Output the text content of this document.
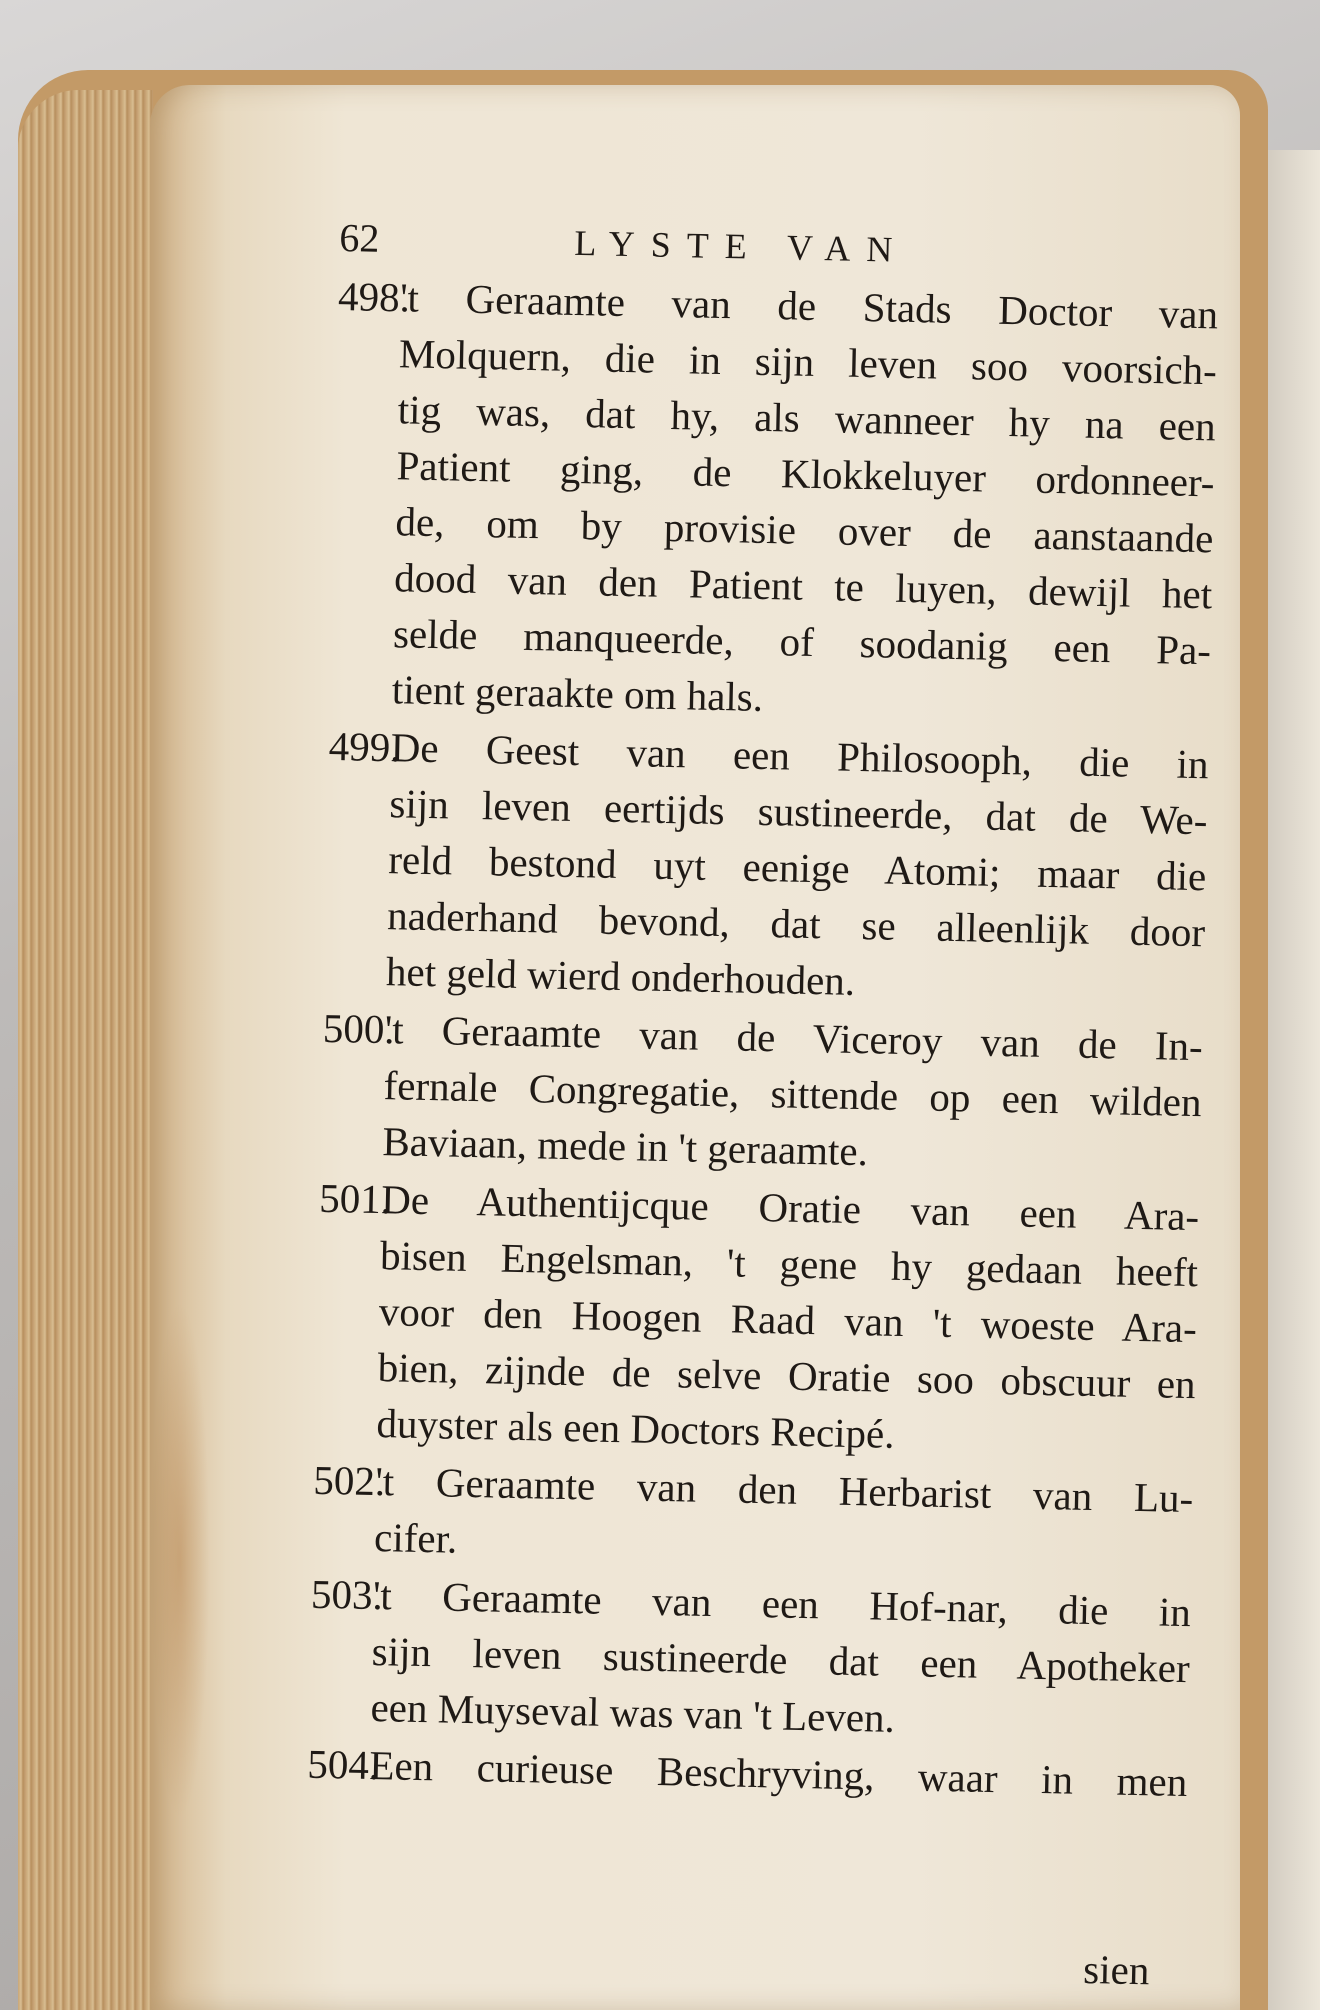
62	LYSTE VAN
498.
't Geraamte van de Stads Doctor van
Molquern, die in sijn leven soo voorsich-
tig was, dat hy, als wanneer hy na een
Patient ging, de Klokkeluyer ordonneer-
de, om by provisie over de aanstaande
dood van den Patient te luyen, dewijl het
selde manqueerde, of soodanig een Pa-
tient geraakte om hals.
499.
De Geest van een Philosooph, die in
sijn leven eertijds sustineerde, dat de We-
reld bestond uyt eenige Atomi; maar die
naderhand bevond, dat se alleenlijk door
het geld wierd onderhouden.
500.
't Geraamte van de Viceroy van de In-
fernale Congregatie, sittende op een wilden
Baviaan, mede in 't geraamte.
501.
De Authentijcque Oratie van een Ara-
bisen Engelsman, 't gene hy gedaan heeft
voor den Hoogen Raad van 't woeste Ara-
bien, zijnde de selve Oratie soo obscuur en
duyster als een Doctors Recipé.
502.
't Geraamte van den Herbarist van Lu-
cifer.
503.
't Geraamte van een Hof-nar, die in
sijn leven sustineerde dat een Apotheker
een Muyseval was van 't Leven.
504.
Een curieuse Beschryving, waar in men
sien
